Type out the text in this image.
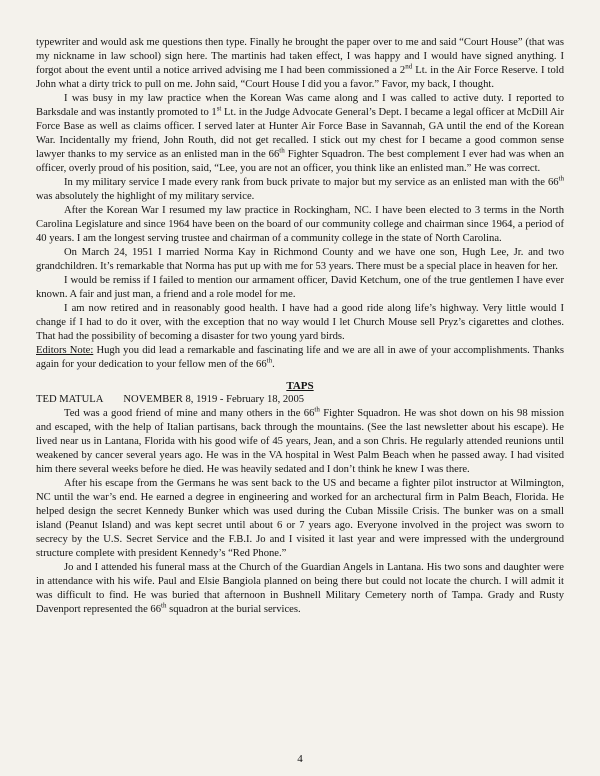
typewriter and would ask me questions then type. Finally he brought the paper over to me and said “Court House” (that was my nickname in law school) sign here. The martinis had taken effect, I was happy and I would have signed anything. I forgot about the event until a notice arrived advising me I had been commissioned a 2nd Lt. in the Air Force Reserve. I told John what a dirty trick to pull on me. John said, “Court House I did you a favor.” Favor, my back, I thought.

I was busy in my law practice when the Korean Was came along and I was called to active duty. I reported to Barksdale and was instantly promoted to 1st Lt. in the Judge Advocate General’s Dept. I became a legal officer at McDill Air Force Base as well as claims officer. I served later at Hunter Air Force Base in Savannah, GA until the end of the Korean War. Incidentally my friend, John Routh, did not get recalled. I stick out my chest for I became a good common sense lawyer thanks to my service as an enlisted man in the 66th Fighter Squadron. The best complement I ever had was when an officer, overly proud of his position, said, “Lee, you are not an officer, you think like an enlisted man.” He was correct.

In my military service I made every rank from buck private to major but my service as an enlisted man with the 66th was absolutely the highlight of my military service.

After the Korean War I resumed my law practice in Rockingham, NC. I have been elected to 3 terms in the North Carolina Legislature and since 1964 have been on the board of our community college and chairman since 1964, a period of 40 years. I am the longest serving trustee and chairman of a community college in the state of North Carolina.

On March 24, 1951 I married Norma Kay in Richmond County and we have one son, Hugh Lee, Jr. and two grandchildren. It’s remarkable that Norma has put up with me for 53 years. There must be a special place in heaven for her.

I would be remiss if I failed to mention our armament officer, David Ketchum, one of the true gentlemen I have ever known. A fair and just man, a friend and a role model for me.

I am now retired and in reasonably good health. I have had a good ride along life’s highway. Very little would I change if I had to do it over, with the exception that no way would I let Church Mouse sell Pryz’s cigarettes and clothes. That had the possibility of becoming a disaster for two young yard birds.

Editors Note: Hugh you did lead a remarkable and fascinating life and we are all in awe of your accomplishments. Thanks again for your dedication to your fellow men of the 66th.

TAPS

TED MATULA NOVEMBER 8, 1919 - February 18, 2005

Ted was a good friend of mine and many others in the 66th Fighter Squadron. He was shot down on his 98 mission and escaped, with the help of Italian partisans, back through the mountains. (See the last newsletter about his escape). He lived near us in Lantana, Florida with his good wife of 45 years, Jean, and a son Chris. He regularly attended reunions until weakened by cancer several years ago. He was in the VA hospital in West Palm Beach when he passed away. I had visited him there several weeks before he died. He was heavily sedated and I don’t think he knew I was there.

After his escape from the Germans he was sent back to the US and became a fighter pilot instructor at Wilmington, NC until the war’s end. He earned a degree in engineering and worked for an archectural firm in Palm Beach, Florida. He helped design the secret Kennedy Bunker which was used during the Cuban Missile Crisis. The bunker was on a small island (Peanut Island) and was kept secret until about 6 or 7 years ago. Everyone involved in the project was sworn to secrecy by the U.S. Secret Service and the F.B.I. Jo and I visited it last year and were impressed with the underground structure complete with president Kennedy’s “Red Phone.”

Jo and I attended his funeral mass at the Church of the Guardian Angels in Lantana. His two sons and daughter were in attendance with his wife. Paul and Elsie Bangiola planned on being there but could not locate the church. I will admit it was difficult to find. He was buried that afternoon in Bushnell Military Cemetery north of Tampa. Grady and Rusty Davenport represented the 66th squadron at the burial services.

4
